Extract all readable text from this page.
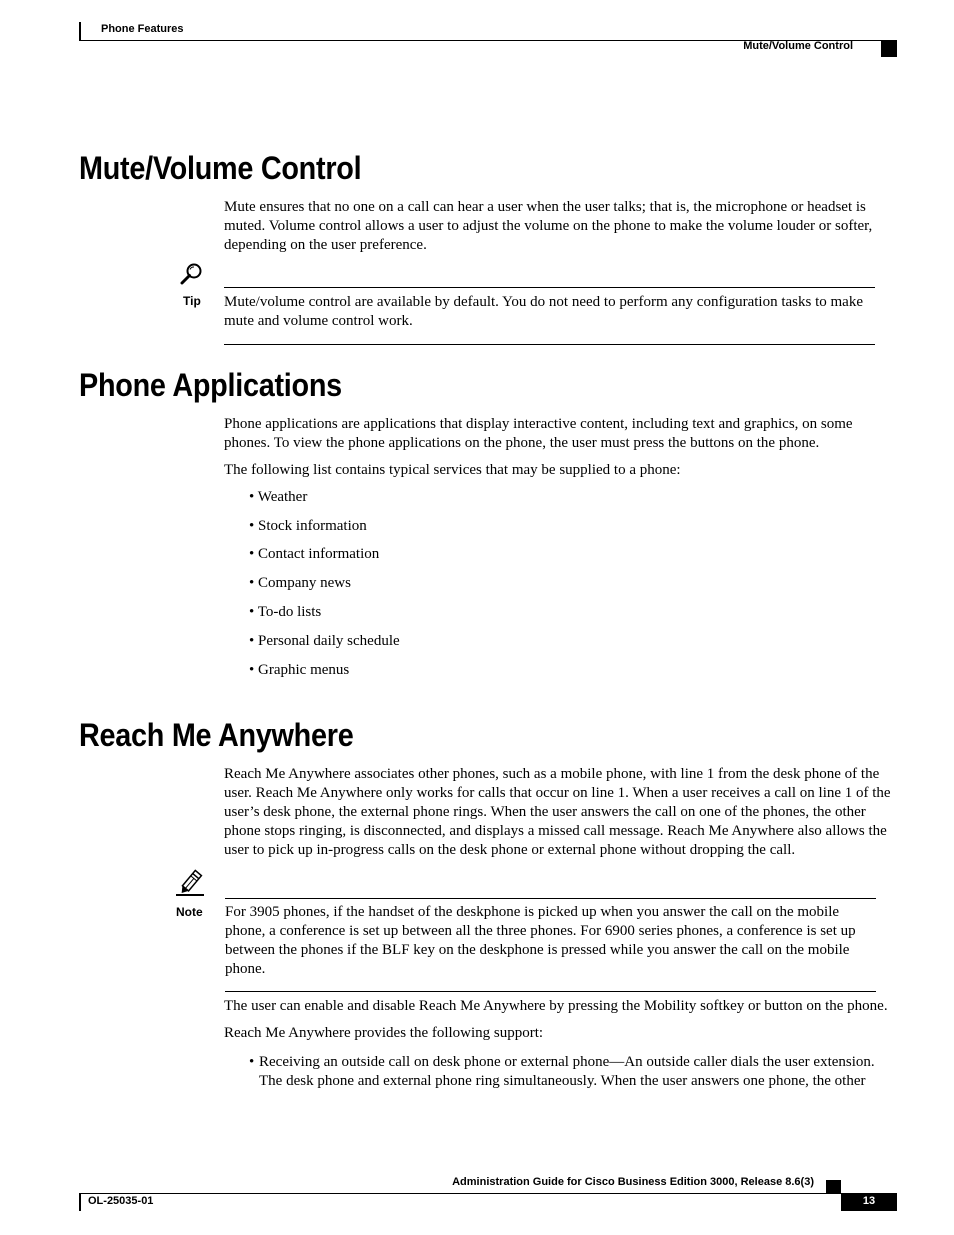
Phone Features
Mute/Volume Control
Mute/Volume Control

Mute ensures that no one on a call can hear a user when the user talks; that is, the microphone or headset is muted. Volume control allows a user to adjust the volume on the phone to make the volume louder or softer, depending on the user preference.

Tip Mute/volume control are available by default. You do not need to perform any configuration tasks to make mute and volume control work.
Phone Applications

Phone applications are applications that display interactive content, including text and graphics, on some phones. To view the phone applications on the phone, the user must press the buttons on the phone.

The following list contains typical services that may be supplied to a phone:

• Weather
• Stock information
• Contact information
• Company news
• To-do lists
• Personal daily schedule
• Graphic menus
Reach Me Anywhere

Reach Me Anywhere associates other phones, such as a mobile phone, with line 1 from the desk phone of the user. Reach Me Anywhere only works for calls that occur on line 1. When a user receives a call on line 1 of the user’s desk phone, the external phone rings. When the user answers the call on one of the phones, the other phone stops ringing, is disconnected, and displays a missed call message. Reach Me Anywhere also allows the user to pick up in-progress calls on the desk phone or external phone without dropping the call.

Note For 3905 phones, if the handset of the deskphone is picked up when you answer the call on the mobile phone, a conference is set up between all the three phones. For 6900 series phones, a conference is set up between the phones if the BLF key on the deskphone is pressed while you answer the call on the mobile phone.

The user can enable and disable Reach Me Anywhere by pressing the Mobility softkey or button on the phone.

Reach Me Anywhere provides the following support:

• Receiving an outside call on desk phone or external phone—An outside caller dials the user extension. The desk phone and external phone ring simultaneously. When the user answers one phone, the other
Administration Guide for Cisco Business Edition 3000, Release 8.6(3)
OL-25035-01	13
